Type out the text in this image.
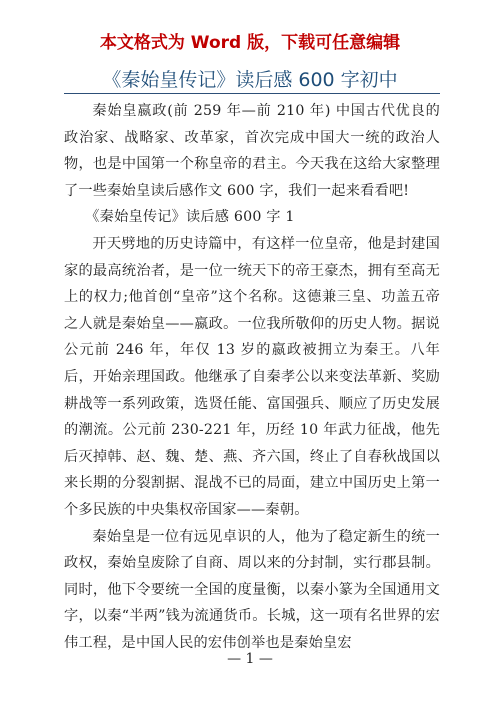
本文格式为 Word 版，下载可任意编辑
《秦始皇传记》读后感 600 字初中

秦始皇嬴政(前 259 年—前 210 年) 中国古代优良的政治家、战略家、改革家，首次完成中国大一统的政治人物，也是中国第一个称皇帝的君主。今天我在这给大家整理了一些秦始皇读后感作文 600 字，我们一起来看看吧!

《秦始皇传记》读后感 600 字 1

开天劈地的历史诗篇中，有这样一位皇帝，他是封建国家的最高统治者，是一位一统天下的帝王豪杰，拥有至高无上的权力;他首创“皇帝”这个名称。这德兼三皇、功盖五帝之人就是秦始皇——嬴政。一位我所敬仰的历史人物。据说公元前 246 年，年仅 13 岁的嬴政被拥立为秦王。八年后，开始亲理国政。他继承了自秦孝公以来变法革新、奖励耕战等一系列政策，选贤任能、富国强兵、顺应了历史发展的潮流。公元前 230-221 年，历经 10 年武力征战，他先后灭掉韩、赵、魏、楚、燕、齐六国，终止了自春秋战国以来长期的分裂割据、混战不已的局面，建立中国历史上第一个多民族的中央集权帝国家——秦朝。

秦始皇是一位有远见卓识的人，他为了稳定新生的统一政权，秦始皇废除了自商、周以来的分封制，实行郡县制。同时，他下令要统一全国的度量衡，以秦小篆为全国通用文字，以秦“半两”钱为流通货币。长城，这一项有名世界的宏伟工程，是中国人民的宏伟创举也是秦始皇宏

— 1 —
